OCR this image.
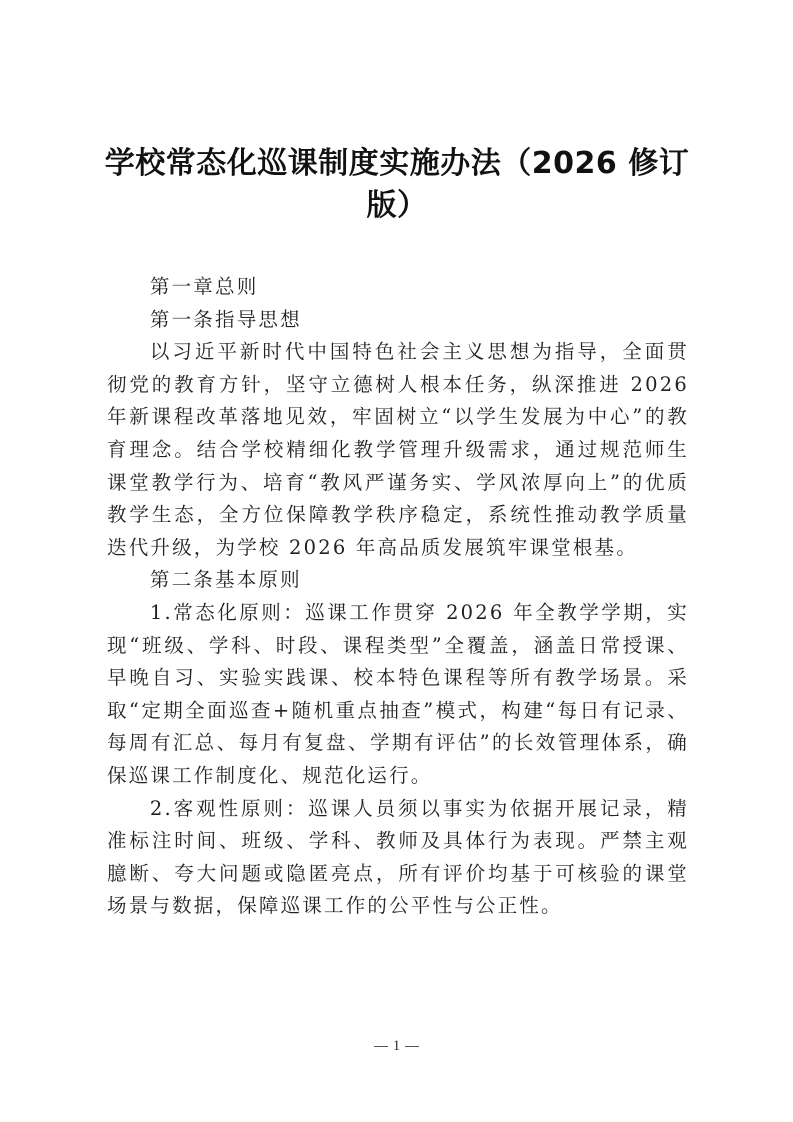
学校常态化巡课制度实施办法（2026 修订版）

第一章总则

第一条指导思想

以习近平新时代中国特色社会主义思想为指导，全面贯彻党的教育方针，坚守立德树人根本任务，纵深推进 2026 年新课程改革落地见效，牢固树立“以学生发展为中心”的教育理念。结合学校精细化教学管理升级需求，通过规范师生课堂教学行为、培育“教风严谨务实、学风浓厚向上”的优质教学生态，全方位保障教学秩序稳定，系统性推动教学质量迭代升级，为学校 2026 年高品质发展筑牢课堂根基。

第二条基本原则

1.常态化原则：巡课工作贯穿 2026 年全教学学期，实现“班级、学科、时段、课程类型”全覆盖，涵盖日常授课、早晚自习、实验实践课、校本特色课程等所有教学场景。采取“定期全面巡查+随机重点抽查”模式，构建“每日有记录、每周有汇总、每月有复盘、学期有评估”的长效管理体系，确保巡课工作制度化、规范化运行。

2.客观性原则：巡课人员须以事实为依据开展记录，精准标注时间、班级、学科、教师及具体行为表现。严禁主观臆断、夸大问题或隐匿亮点，所有评价均基于可核验的课堂场景与数据，保障巡课工作的公平性与公正性。

1
